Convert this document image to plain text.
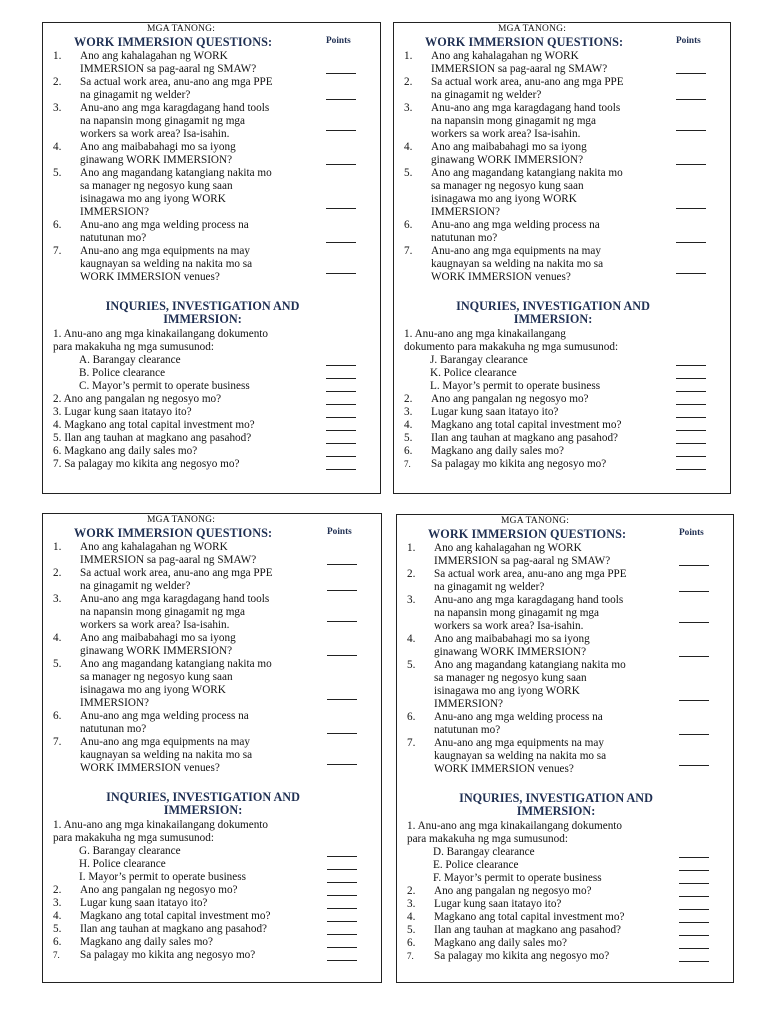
MGA TANONG:
WORK IMMERSION QUESTIONS:	Points
1. Ano ang kahalagahan ng WORK
IMMERSION sa pag-aaral ng SMAW?
2. Sa actual work area, anu-ano ang mga PPE
na ginagamit ng welder?
3. Anu-ano ang mga karagdagang hand tools
na napansin mong ginagamit ng mga
workers sa work area? Isa-isahin.
4. Ano ang maibabahagi mo sa iyong
ginawang WORK IMMERSION?
5. Ano ang magandang katangiang nakita mo
sa manager ng negosyo kung saan
isinagawa mo ang iyong WORK
IMMERSION?
6. Anu-ano ang mga welding process na
natutunan mo?
7. Anu-ano ang mga equipments na may
kaugnayan sa welding na nakita mo sa
WORK IMMERSION venues?
INQURIES, INVESTIGATION AND
IMMERSION:
1. Anu-ano ang mga kinakailangang dokumento
para makakuha ng mga sumusunod:
A. Barangay clearance
B. Police clearance
C. Mayor’s permit to operate business
2. Ano ang pangalan ng negosyo mo?
3. Lugar kung saan itatayo ito?
4. Magkano ang total capital investment mo?
5. Ilan ang tauhan at magkano ang pasahod?
6. Magkano ang daily sales mo?
7. Sa palagay mo kikita ang negosyo mo?
MGA TANONG:
WORK IMMERSION QUESTIONS:	Points
1. Ano ang kahalagahan ng WORK
IMMERSION sa pag-aaral ng SMAW?
2. Sa actual work area, anu-ano ang mga PPE
na ginagamit ng welder?
3. Anu-ano ang mga karagdagang hand tools
na napansin mong ginagamit ng mga
workers sa work area? Isa-isahin.
4. Ano ang maibabahagi mo sa iyong
ginawang WORK IMMERSION?
5. Ano ang magandang katangiang nakita mo
sa manager ng negosyo kung saan
isinagawa mo ang iyong WORK
IMMERSION?
6. Anu-ano ang mga welding process na
natutunan mo?
7. Anu-ano ang mga equipments na may
kaugnayan sa welding na nakita mo sa
WORK IMMERSION venues?
INQURIES, INVESTIGATION AND
IMMERSION:
1. Anu-ano ang mga kinakailangang
dokumento para makakuha ng mga sumusunod:
J. Barangay clearance
K. Police clearance
L. Mayor’s permit to operate business
2. Ano ang pangalan ng negosyo mo?
3. Lugar kung saan itatayo ito?
4. Magkano ang total capital investment mo?
5. Ilan ang tauhan at magkano ang pasahod?
6. Magkano ang daily sales mo?
7. Sa palagay mo kikita ang negosyo mo?
MGA TANONG:
WORK IMMERSION QUESTIONS:	Points
1. Ano ang kahalagahan ng WORK
IMMERSION sa pag-aaral ng SMAW?
2. Sa actual work area, anu-ano ang mga PPE
na ginagamit ng welder?
3. Anu-ano ang mga karagdagang hand tools
na napansin mong ginagamit ng mga
workers sa work area? Isa-isahin.
4. Ano ang maibabahagi mo sa iyong
ginawang WORK IMMERSION?
5. Ano ang magandang katangiang nakita mo
sa manager ng negosyo kung saan
isinagawa mo ang iyong WORK
IMMERSION?
6. Anu-ano ang mga welding process na
natutunan mo?
7. Anu-ano ang mga equipments na may
kaugnayan sa welding na nakita mo sa
WORK IMMERSION venues?
INQURIES, INVESTIGATION AND
IMMERSION:
1. Anu-ano ang mga kinakailangang dokumento
para makakuha ng mga sumusunod:
G. Barangay clearance
H. Police clearance
I. Mayor’s permit to operate business
2. Ano ang pangalan ng negosyo mo?
3. Lugar kung saan itatayo ito?
4. Magkano ang total capital investment mo?
5. Ilan ang tauhan at magkano ang pasahod?
6. Magkano ang daily sales mo?
7. Sa palagay mo kikita ang negosyo mo?
MGA TANONG:
WORK IMMERSION QUESTIONS:	Points
1. Ano ang kahalagahan ng WORK
IMMERSION sa pag-aaral ng SMAW?
2. Sa actual work area, anu-ano ang mga PPE
na ginagamit ng welder?
3. Anu-ano ang mga karagdagang hand tools
na napansin mong ginagamit ng mga
workers sa work area? Isa-isahin.
4. Ano ang maibabahagi mo sa iyong
ginawang WORK IMMERSION?
5. Ano ang magandang katangiang nakita mo
sa manager ng negosyo kung saan
isinagawa mo ang iyong WORK
IMMERSION?
6. Anu-ano ang mga welding process na
natutunan mo?
7. Anu-ano ang mga equipments na may
kaugnayan sa welding na nakita mo sa
WORK IMMERSION venues?
INQURIES, INVESTIGATION AND
IMMERSION:
1. Anu-ano ang mga kinakailangang dokumento
para makakuha ng mga sumusunod:
D. Barangay clearance
E. Police clearance
F. Mayor’s permit to operate business
2. Ano ang pangalan ng negosyo mo?
3. Lugar kung saan itatayo ito?
4. Magkano ang total capital investment mo?
5. Ilan ang tauhan at magkano ang pasahod?
6. Magkano ang daily sales mo?
7. Sa palagay mo kikita ang negosyo mo?
